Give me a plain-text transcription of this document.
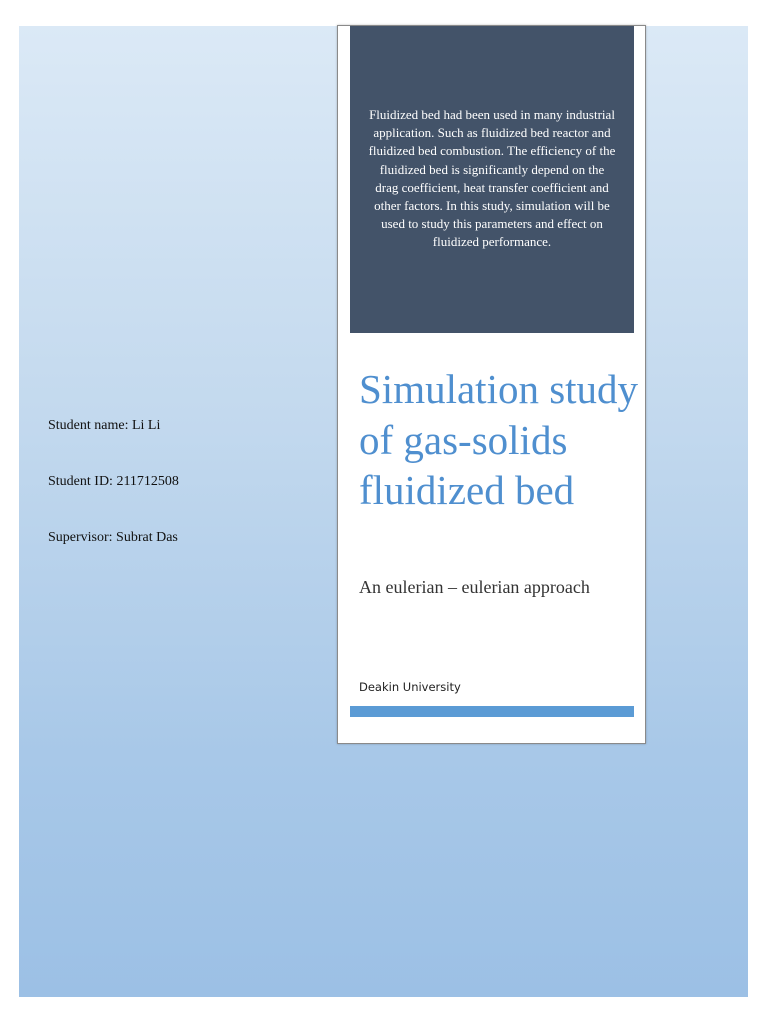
Student name: Li Li
Student ID: 211712508
Supervisor: Subrat Das
Fluidized bed had been used in many industrial application. Such as fluidized bed reactor and fluidized bed combustion. The efficiency of the fluidized bed is significantly depend on the drag coefficient, heat transfer coefficient and other factors. In this study, simulation will be used to study this parameters and effect on fluidized performance.
Simulation study of gas-solids fluidized bed
An eulerian – eulerian approach
Deakin University
